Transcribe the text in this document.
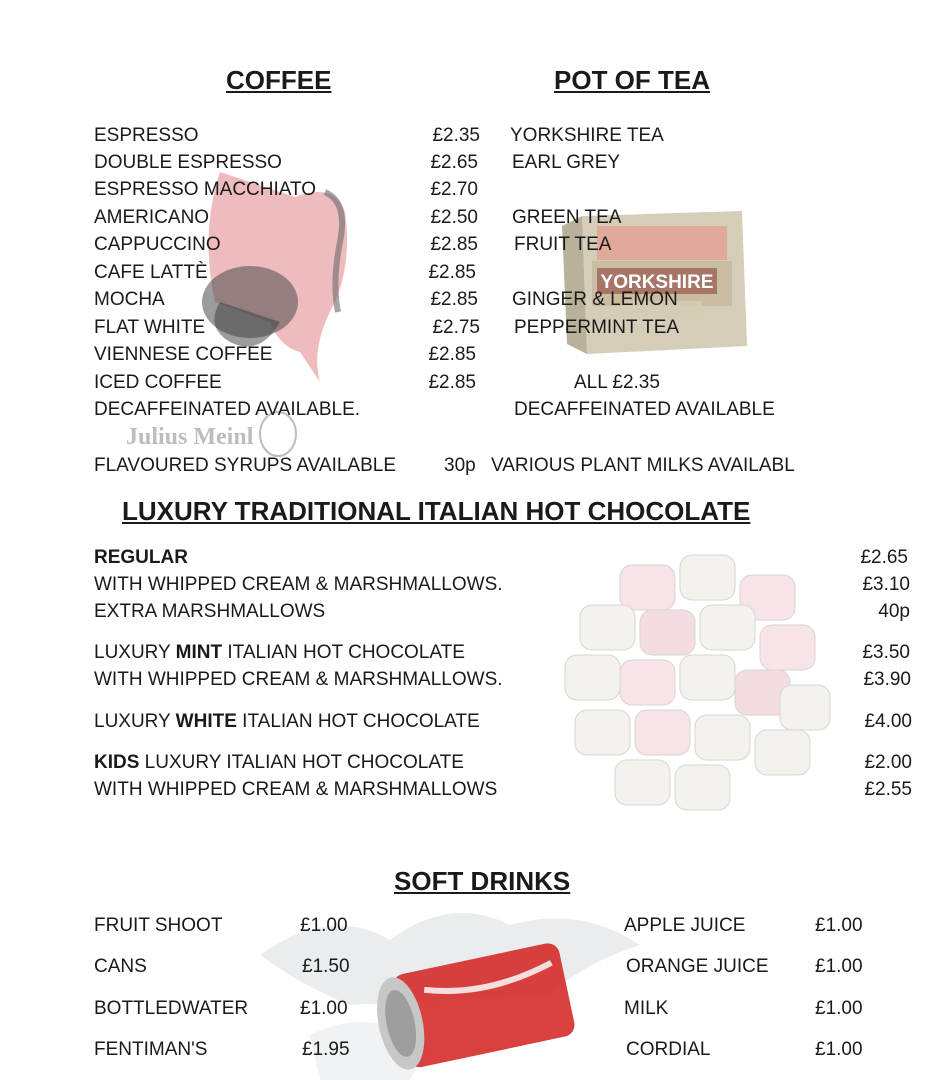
Julius Meinl
YORKSHIRE
COFFEE
ESPRESSO	£2.35
DOUBLE ESPRESSO	£2.65
ESPRESSO MACCHIATO	£2.70
AMERICANO	£2.50
CAPPUCCINO	£2.85
CAFE LATTÈ	£2.85
MOCHA	£2.85
FLAT WHITE	£2.75
VIENNESE COFFEE	£2.85
ICED COFFEE	£2.85
DECAFFEINATED AVAILABLE.
FLAVOURED SYRUPS AVAILABLE	30p
POT OF TEA
YORKSHIRE TEA
EARL GREY
GREEN TEA
FRUIT TEA
GINGER & LEMON
PEPPERMINT TEA
ALL £2.35
DECAFFEINATED AVAILABLE
VARIOUS PLANT MILKS AVAILABL
LUXURY TRADITIONAL ITALIAN HOT CHOCOLATE
REGULAR	£2.65
WITH WHIPPED CREAM & MARSHMALLOWS.	£3.10
EXTRA MARSHMALLOWS	40p
LUXURY MINT ITALIAN HOT CHOCOLATE	£3.50
WITH WHIPPED CREAM & MARSHMALLOWS.	£3.90
LUXURY WHITE ITALIAN HOT CHOCOLATE	£4.00
KIDS LUXURY ITALIAN HOT CHOCOLATE	£2.00
WITH WHIPPED CREAM & MARSHMALLOWS	£2.55
SOFT DRINKS
FRUIT SHOOT	£1.00
CANS	£1.50
BOTTLEDWATER	£1.00
FENTIMAN'S	£1.95
APPLE JUICE	£1.00
ORANGE JUICE £1.00
MILK	£1.00
CORDIAL	£1.00
